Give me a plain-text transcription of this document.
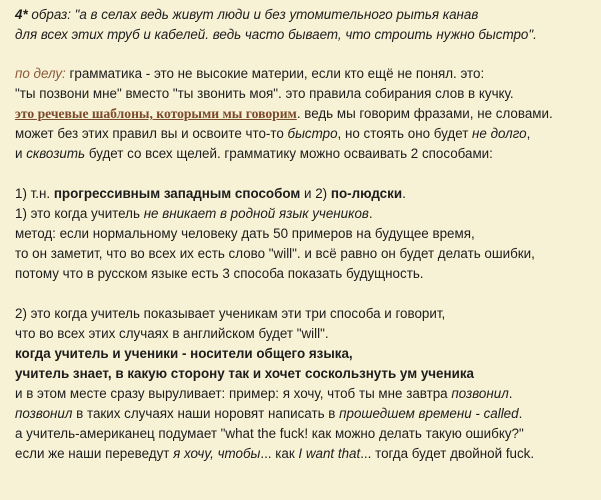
4* образ: "а в селах ведь живут люди и без утомительного рытья канав
для всех этих труб и кабелей. ведь часто бывает, что строить нужно быстро".
по делу: грамматика - это не высокие материи, если кто ещё не понял. это:
"ты позвони мне" вместо "ты звонить моя". это правила собирания слов в кучку.
это речевые шаблоны, которыми мы говорим. ведь мы говорим фразами, не словами.
может без этих правил вы и освоите что-то быстро, но стоять оно будет не долго,
и сквозить будет со всех щелей. грамматику можно осваивать 2 способами:
1) т.н. прогрессивным западным способом и 2) по-людски.
1) это когда учитель не вникает в родной язык учеников.
метод: если нормальному человеку дать 50 примеров на будущее время,
то он заметит, что во всех их есть слово "will". и всё равно он будет делать ошибки,
потому что в русском языке есть 3 способа показать будущность.
2) это когда учитель показывает ученикам эти три способа и говорит,
что во всех этих случаях в английском будет "will".
когда учитель и ученики - носители общего языка,
учитель знает, в какую сторону так и хочет соскользнуть ум ученика
и в этом месте сразу выруливает: пример: я хочу, чтоб ты мне завтра позвонил.
позвонил в таких случаях наши норовят написать в прошедшем времени - called.
а учитель-американец подумает "what the fuck! как можно делать такую ошибку?"
если же наши переведут я хочу, чтобы... как I want that... тогда будет двойной fuck.
